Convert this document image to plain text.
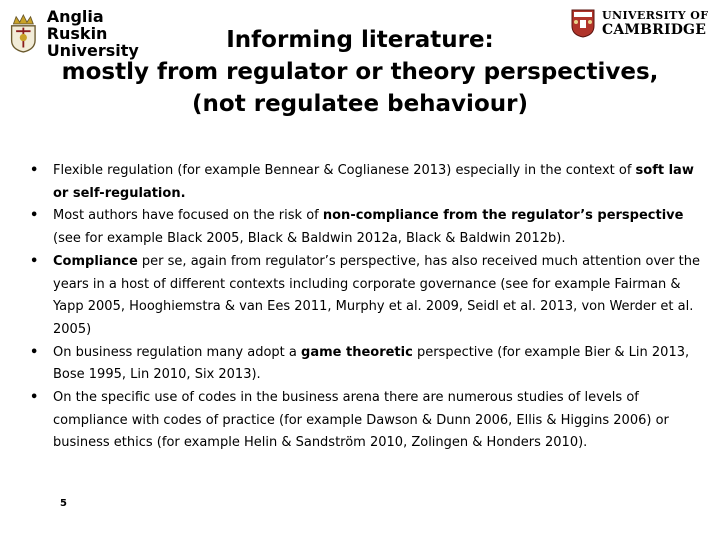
Anglia Ruskin
University
UNIVERSITY OF
CAMBRIDGE
Informing literature:
mostly from regulator or theory perspectives,
(not regulatee behaviour)
• Flexible regulation (for example Bennear & Coglianese 2013) especially in the context of soft law or self-regulation.
• Most authors have focused on the risk of non-compliance from the regulator’s perspective (see for example Black 2005, Black & Baldwin 2012a, Black & Baldwin 2012b).
• Compliance per se, again from regulator’s perspective, has also received much attention over the years in a host of different contexts including corporate governance (see for example Fairman & Yapp 2005, Hooghiemstra & van Ees 2011, Murphy et al. 2009, Seidl et al. 2013, von Werder et al. 2005)
• On business regulation many adopt a game theoretic perspective (for example Bier & Lin 2013, Bose 1995, Lin 2010, Six 2013).
• On the specific use of codes in the business arena there are numerous studies of levels of compliance with codes of practice (for example Dawson & Dunn 2006, Ellis & Higgins 2006) or business ethics (for example Helin & Sandström 2010, Zolingen & Honders 2010).
5
